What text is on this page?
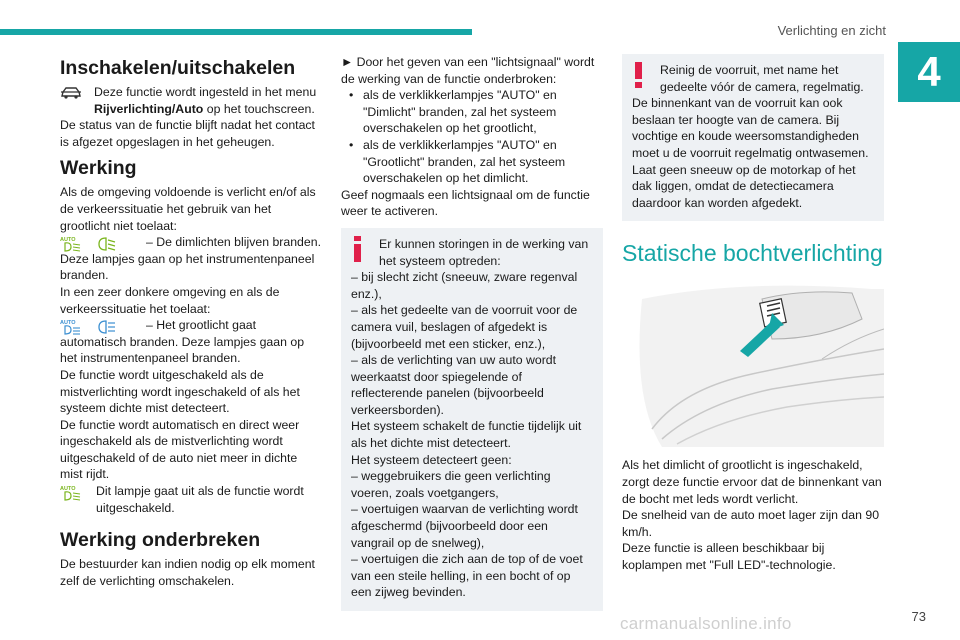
Verlichting en zicht
4
Inschakelen/uitschakelen

Deze functie wordt ingesteld in het menu Rijverlichting/Auto op het touchscreen.

De status van de functie blijft nadat het contact is afgezet opgeslagen in het geheugen.

Werking

Als de omgeving voldoende is verlicht en/of als de verkeerssituatie het gebruik van het grootlicht niet toelaat:

AUTO	– De dimlichten blijven branden. Deze lampjes gaan op het instrumentenpaneel branden.

In een zeer donkere omgeving en als de verkeerssituatie het toelaat:

AUTO	– Het grootlicht gaat automatisch branden. Deze lampjes gaan op het instrumentenpaneel branden.

De functie wordt uitgeschakeld als de mistverlichting wordt ingeschakeld of als het systeem dichte mist detecteert.

De functie wordt automatisch en direct weer ingeschakeld als de mistverlichting wordt uitgeschakeld of de auto niet meer in dichte mist rijdt.

AUTO Dit lampje gaat uit als de functie wordt uitgeschakeld.

Werking onderbreken

De bestuurder kan indien nodig op elk moment zelf de verlichting omschakelen.

► Door het geven van een "lichtsignaal" wordt de werking van de functie onderbroken:

• als de verklikkerlampjes "AUTO" en "Dimlicht" branden, zal het systeem overschakelen op het grootlicht,
• als de verklikkerlampjes "AUTO" en "Grootlicht" branden, zal het systeem overschakelen op het dimlicht.

Geef nogmaals een lichtsignaal om de functie weer te activeren.

Er kunnen storingen in de werking van het systeem optreden:

– bij slecht zicht (sneeuw, zware regenval enz.),

– als het gedeelte van de voorruit voor de camera vuil, beslagen of afgedekt is (bijvoorbeeld met een sticker, enz.),

– als de verlichting van uw auto wordt weerkaatst door spiegelende of reflecterende panelen (bijvoorbeeld verkeersborden).

Het systeem schakelt de functie tijdelijk uit als het dichte mist detecteert.

Het systeem detecteert geen:

– weggebruikers die geen verlichting voeren, zoals voetgangers,

– voertuigen waarvan de verlichting wordt afgeschermd (bijvoorbeeld door een vangrail op de snelweg),

– voertuigen die zich aan de top of de voet van een steile helling, in een bocht of op een zijweg bevinden.

Reinig de voorruit, met name het gedeelte vóór de camera, regelmatig.

De binnenkant van de voorruit kan ook beslaan ter hoogte van de camera. Bij vochtige en koude weersomstandigheden moet u de voorruit regelmatig ontwasemen. Laat geen sneeuw op de motorkap of het dak liggen, omdat de detectiecamera daardoor kan worden afgedekt.

Statische bochtverlichting

Als het dimlicht of grootlicht is ingeschakeld, zorgt deze functie ervoor dat de binnenkant van de bocht met leds wordt verlicht.

De snelheid van de auto moet lager zijn dan 90 km/h.

Deze functie is alleen beschikbaar bij koplampen met "Full LED"-technologie.

carmanualsonline.info	73
